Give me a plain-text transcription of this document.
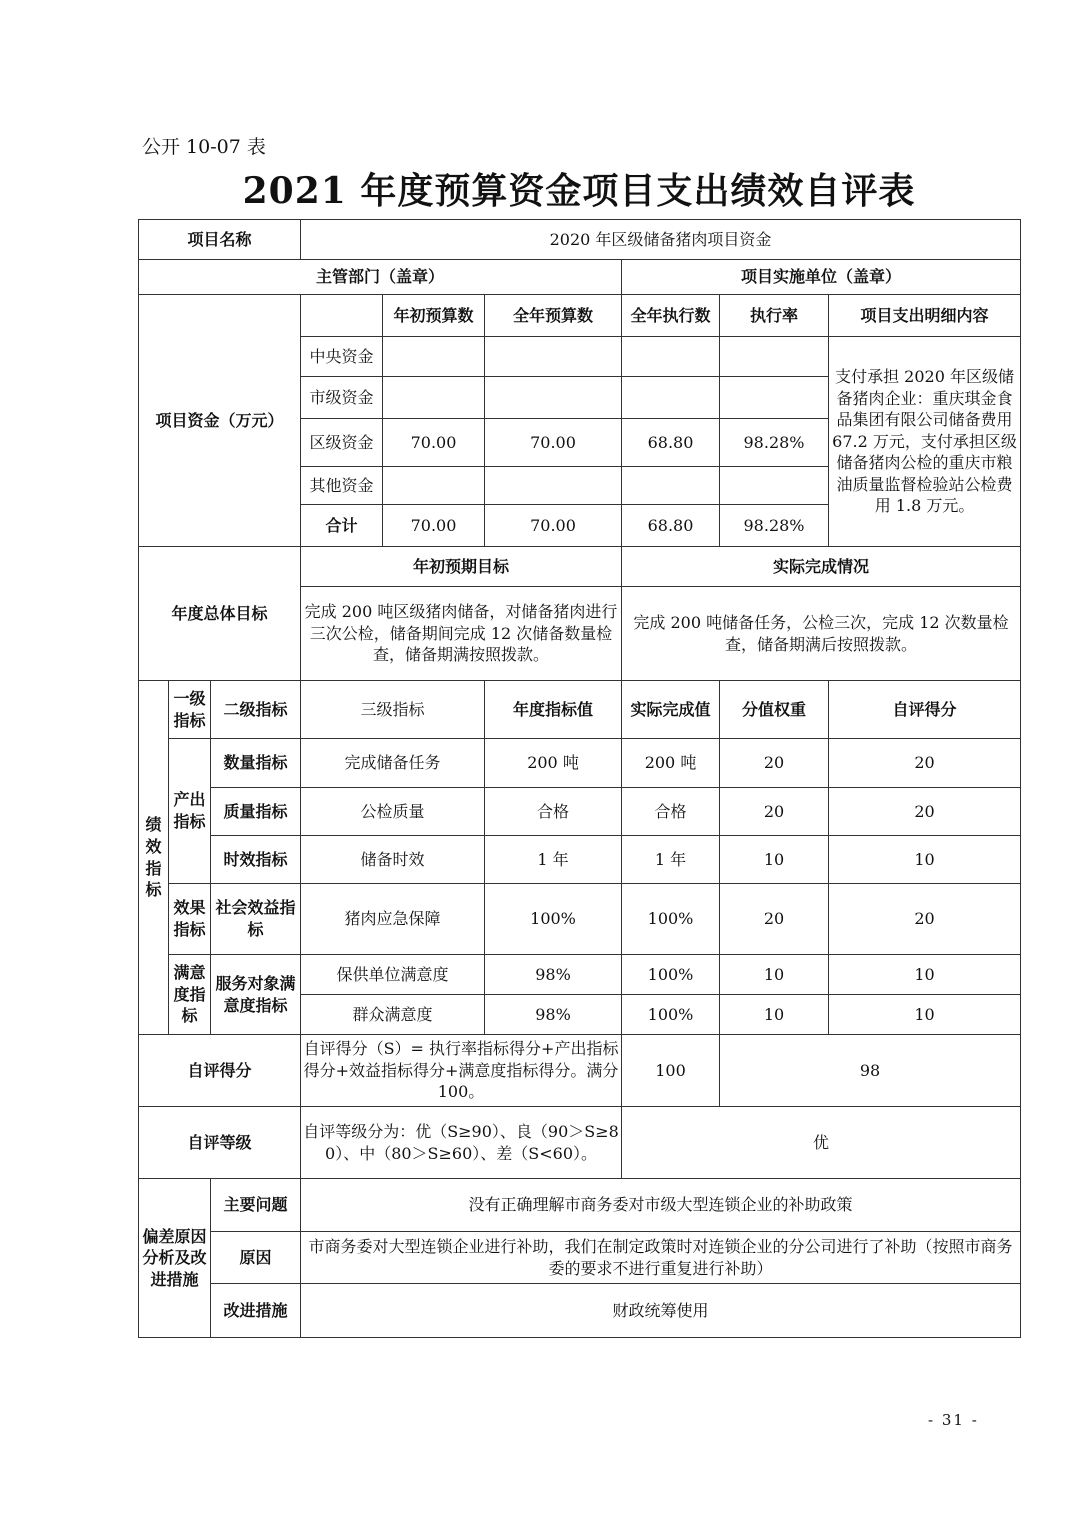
公开 10-07 表
2021 年度预算资金项目支出绩效自评表
项目名称			2020 年区级储备猪肉项目资金					
主管部门（盖章）						项目实施单位（盖章）		
项目资金（万元）				年初预算数	全年预算数	全年执行数	执行率	项目支出明细内容
			中央资金					支付承担 2020 年区级储备猪肉企业：重庆琪金食品集团有限公司储备费用 67.2 万元，支付承担区级储备猪肉公检的重庆市粮油质量监督检验站公检费用 1.8 万元。
			市级资金					
			区级资金	70.00	70.00	68.80	98.28%	
			其他资金					
			合计	70.00	70.00	68.80	98.28%	
年度总体目标			年初预期目标			实际完成情况		
			完成 200 吨区级猪肉储备，对储备猪肉进行三次公检，储备期间完成 12 次储备数量检查，储备期满按照拨款。			完成 200 吨储备任务，公检三次，完成 12 次数量检查，储备期满后按照拨款。		
绩效指标	一级指标	二级指标	三级指标		年度指标值	实际完成值	分值权重	自评得分
	产出指标	数量指标	完成储备任务		200 吨	200 吨	20	20
		质量指标	公检质量		合格	合格	20	20
		时效指标	储备时效		1 年	1 年	10	10
	效果指标	社会效益指标	猪肉应急保障		100%	100%	20	20
	满意度指标	服务对象满意度指标	保供单位满意度		98%	100%	10	10
			群众满意度		98%	100%	10	10
自评得分			自评得分（S）= 执行率指标得分+产出指标得分+效益指标得分+满意度指标得分。满分 100。			100	98	
自评等级			自评等级分为：优（S≥90）、良（90＞S≥80）、中（80＞S≥60）、差（S<60）。			优		
偏差原因分析及改进措施		主要问题	没有正确理解市商务委对市级大型连锁企业的补助政策					
		原因	市商务委对大型连锁企业进行补助，我们在制定政策时对连锁企业的分公司进行了补助（按照市商务委的要求不进行重复进行补助）					
		改进措施	财政统筹使用					
- 31 -
